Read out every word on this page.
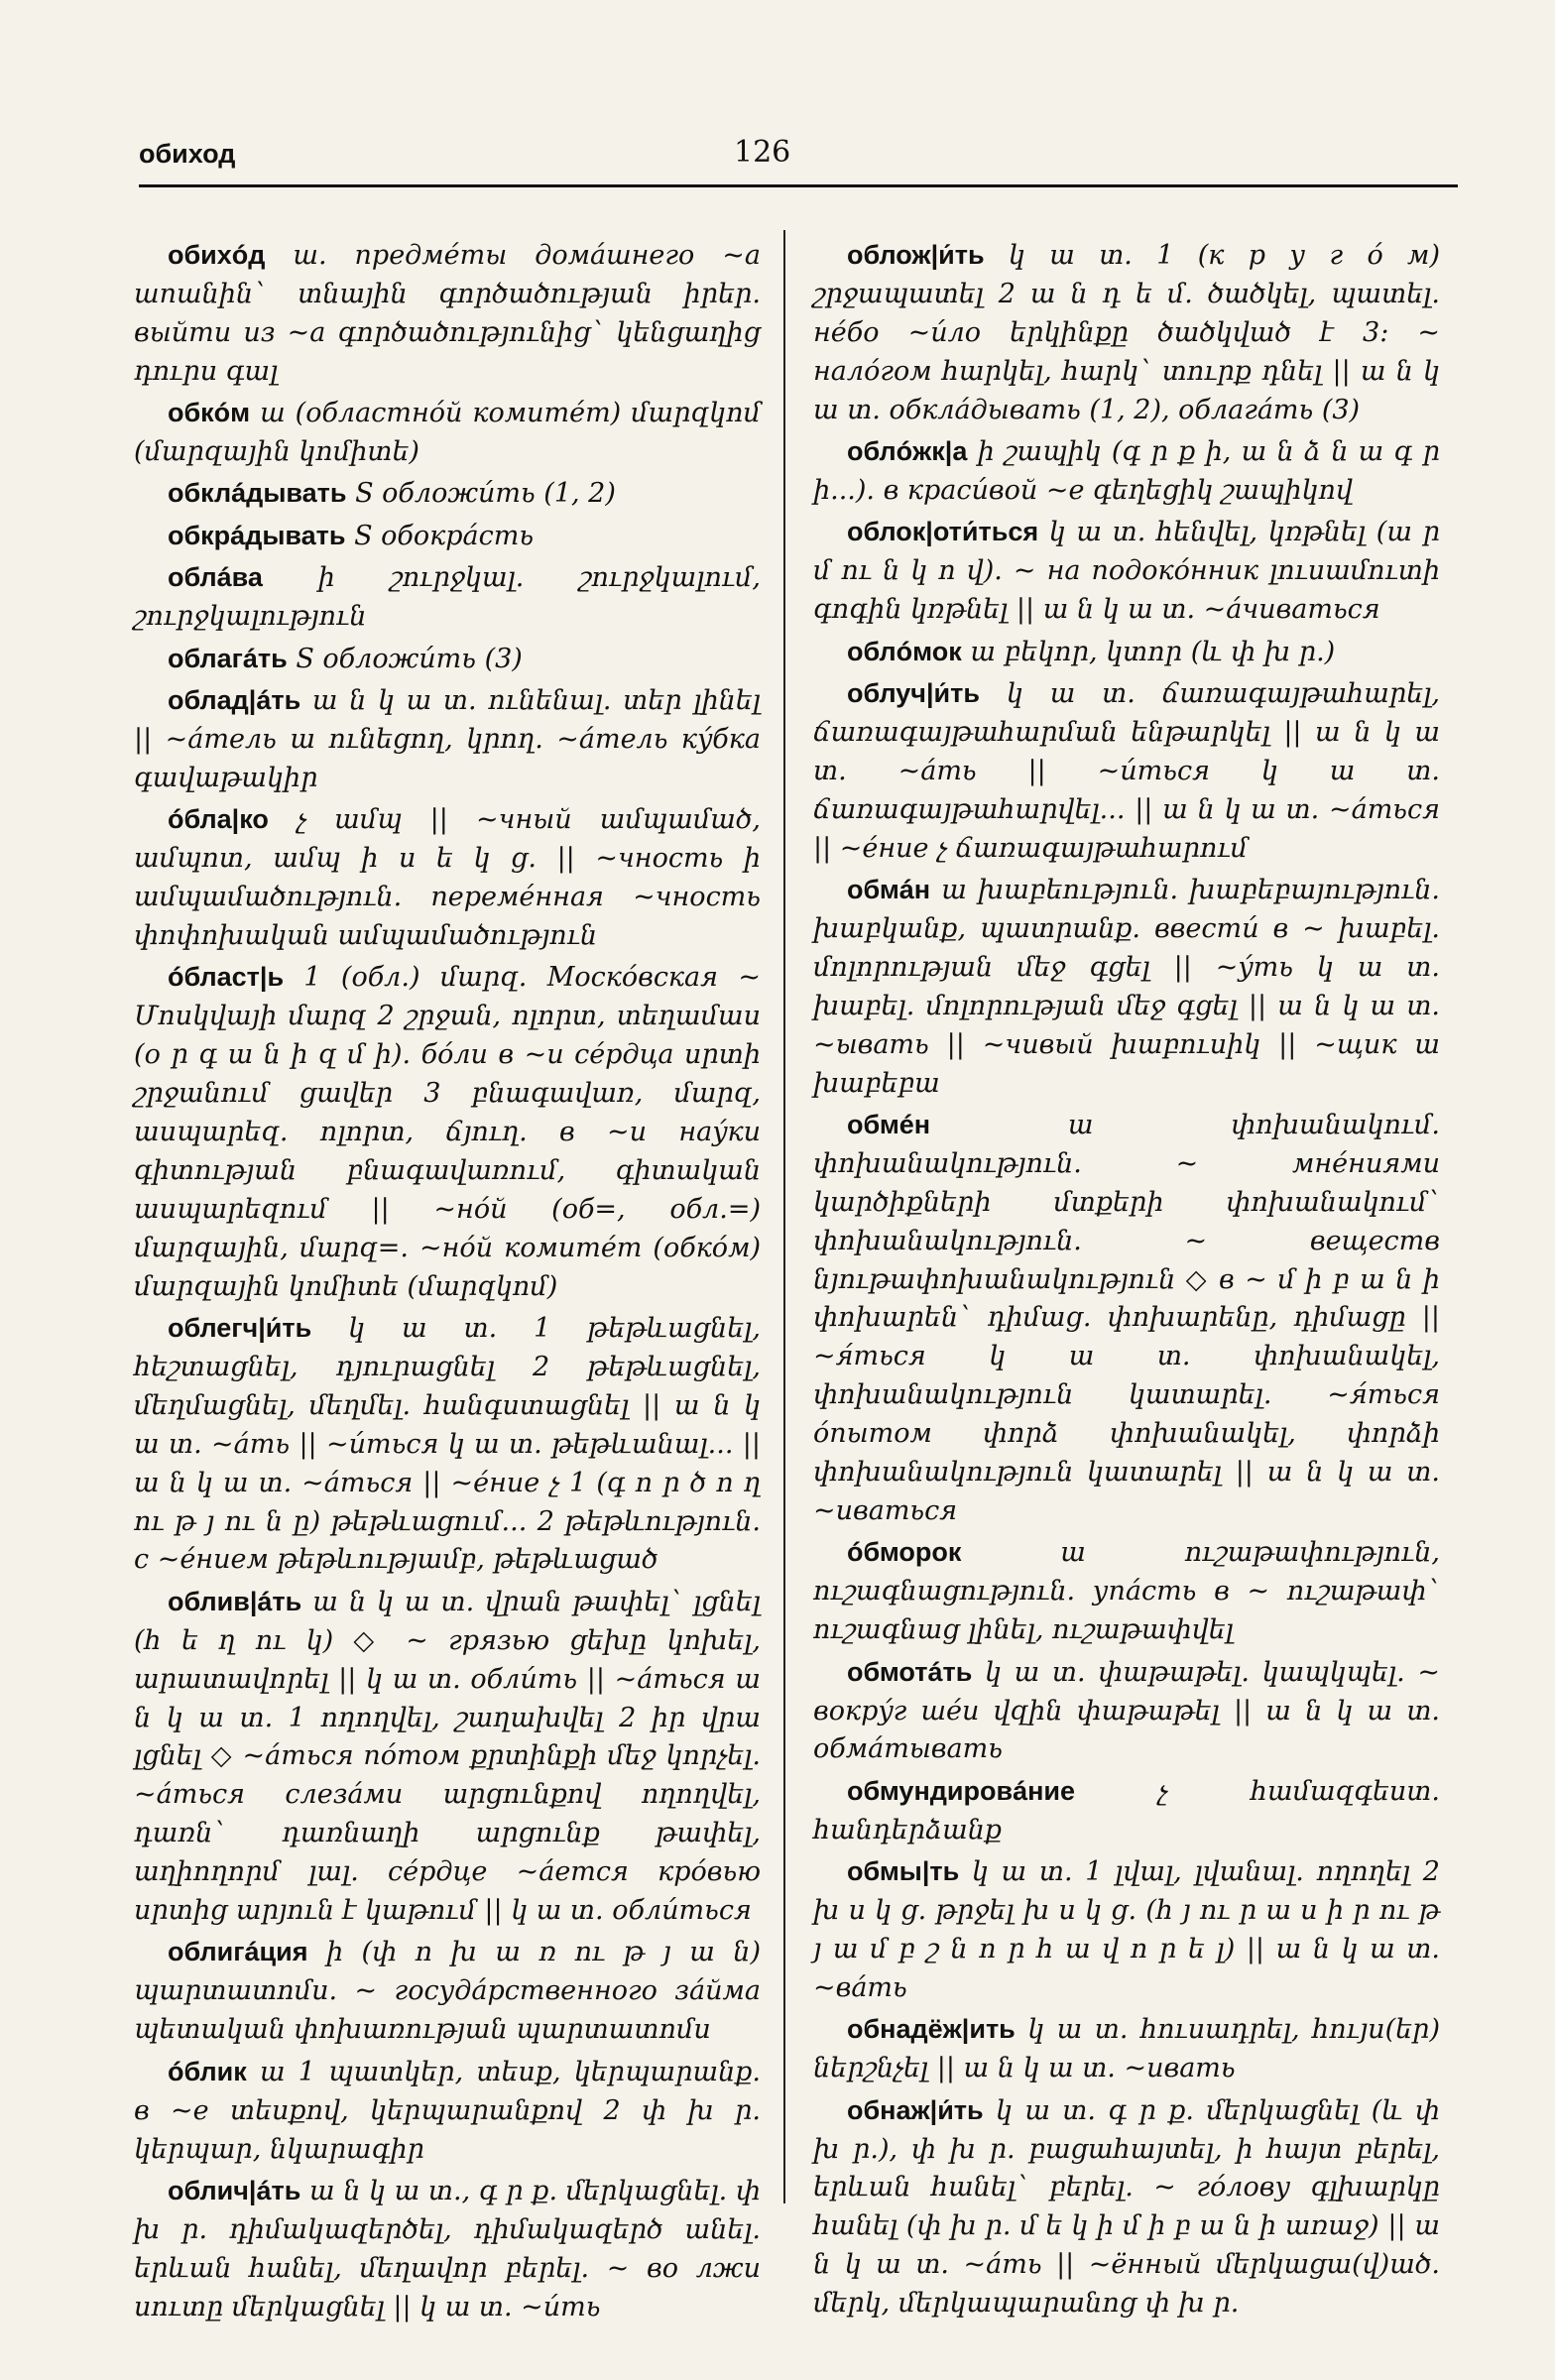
обиход	126

обихóд ш. предмéты домáшнего ~а шпшնին` տնային գործածության իրեր. выйти из ~а գործածությունից` կենցաղից դուրս գալ

обкóм ш (областнóй комитéт) մարզկոմ (մարզային կոմիտե)

обклáдывать S обложи́ть (1, 2)

обкрáдывать S обокрáсть

облáва ի շուրջկալ. շուրջկալում, շուրջկալություն

облагáть S обложи́ть (3)

облад|áть ա ն կ ա տ. ունենալ. տեր լինել || ~áтель ա ունեցող, կրող. ~áтель кýбка գավաթակիր

óбла|ко չ ամպ || ~чный ամպամած, ամպոտ, ամպ ի ս ե կ ց. || ~чность ի ամպամածություն. переме́нная ~чность փոփոխական ամպամածություն

óбласт|ь 1 (обл.) մարզ. Москóвская ~ Մոսկվայի մարզ 2 շրջան, ոլորտ, տեղամաս (օ ր գ ա ն ի զ մ ի). бóли в ~и сéрдца սրտի շրջանում ցավեր 3 բնագավառ, մարզ, ասպարեզ. ոլորտ, ճյուղ. в ~и наýки գիտության բնագավառում, գիտական ասպարեզում || ~нóй (об=, обл.=) մարզային, մարզ=. ~нóй комитéт (обкóм) մարզային կոմիտե (մարզկոմ)

облегч|и́ть կ ա տ. 1 թեթևացնել, հեշտացնել, դյուրացնել 2 թեթևացնել, մեղմացնել, մեղմել. հանգստացնել || ա ն կ ա տ. ~áть || ~и́ться կ ա տ. թեթևանալ... || ա ն կ ա տ. ~áться || ~éние չ 1 (գ ո ր ծ ո ղ ու թ յ ու ն ը) թեթևացում... 2 թեթևություն. с ~éнием թեթևությամբ, թեթևացած

облив|áть ա ն կ ա տ. վրան թափել` լցնել (հ ե ղ ու կ) ◇ ~ грязью ցեխը կոխել, արատավորել || կ ա տ. обли́ть || ~áться ա ն կ ա տ. 1 ողողվել, շաղախվել 2 իր վրա լցնել ◇ ~áться пóтом քրտինքի մեջ կորչել. ~áться слезáми արցունքով ողողվել, դառն` դառնաղի արցունք թափել, աղիողորմ լալ. сéрдце ~áется крóвью սրտից արյուն է կաթում || կ ա տ. обли́ться

облигáция ի (փ ո խ ա ռ ու թ յ ա ն) պարտատոմս. ~ госудáрственного зáйма պետական փոխառության պարտատոմս

óблик ա 1 պատկեր, տեսք, կերպարանք. в ~е տեսքով, կերպարանքով 2 փ խ ր. կերպար, նկարագիր

облич|áть ա ն կ ա տ., գ ր ք. մերկացնել. փ խ ր. դիմակազերծել, դիմակազերծ անել. երևան հանել, մեղավոր բերել. ~ во лжи սուտը մերկացնել || կ ա տ. ~и́ть

облож|и́ть կ ա տ. 1 (к р у г ó м) շրջապատել 2 ա ն դ ե մ. ծածկել, պատել. нéбо ~и́ло երկինքը ծածկված է 3: ~ налóгом հարկել, հարկ` տուրք դնել || ա ն կ ա տ. обклáдывать (1, 2), облагáть (3)

облóжк|а ի շապիկ (գ ր ք ի, ա ն ձ ն ա գ ր ի...). в краси́вой ~е գեղեցիկ շապիկով

облок|оти́ться կ ա տ. հենվել, կռթնել (ա ր մ ու ն կ ո վ). ~ на подокóнник լուսամուտի գոգին կռթնել || ա ն կ ա տ. ~áчиваться

облóмок ա բեկոր, կտոր (և փ խ ր.)

облуч|и́ть կ ա տ. ճառագայթահարել, ճառագայթահարման ենթարկել || ա ն կ ա տ. ~áть || ~и́ться կ ա տ. ճառագայթահարվել... || ա ն կ ա տ. ~áться || ~éние չ ճառագայթահարում

обмáн ա խաբեություն. խաբեբայություն. խաբկանք, պատրանք. ввести́ в ~ խաբել. մոլորության մեջ գցել || ~ýть կ ա տ. խաբել. մոլորության մեջ գցել || ա ն կ ա տ. ~ывать || ~чивый խաբուսիկ || ~щик ա խաբեբա

обмéн	ա փոխանակում. փոխանակություն. ~ мнéниями կարծիքների մտքերի փոխանակում` փոխանակություն. ~ веществ նյութափոխանակություն ◇ в ~ մ ի բ ա ն ի փոխարեն` դիմաց. փոխարենը, դիմացը || ~я́ться կ ա տ. փոխանակել, փոխանակություն կատարել. ~я́ться óпытом փորձ փոխանակել, փորձի փոխանակություն կատարել || ա ն կ ա տ. ~иваться

óбморок	ա ուշաթափություն, ուշագնացություն. упáсть в ~ ուշաթափ` ուշագնաց լինել, ուշաթափվել

обмотáть կ ա տ. փաթաթել. կապկպել. ~ вокрýг шéи վզին փաթաթել || ա ն կ ա տ. обмáтывать

обмундировáние	չ համազգեստ. հանդերձանք

обмы|ть կ ա տ. 1 լվալ, լվանալ. ողողել 2 խ ս կ ց. թրջել խ ս կ ց. (հ յ ու ր ա ս ի ր ու թ յ ա մ բ շ ն ո ր հ ա վ ո ր ե լ) || ա ն կ ա տ. ~вáть

обнадёж|ить կ ա տ. հուսադրել, հույս(եր) ներշնչել || ա ն կ ա տ. ~ивать

обнаж|и́ть կ ա տ. գ ր ք. մերկացնել (և փ խ ր.), փ խ ր. բացահայտել, ի հայտ բերել, երևան հանել` բերել. ~ гóлову գլխարկը հանել (փ խ ր. մ ե կ ի մ ի բ ա ն ի առաջ) || ա ն կ ա տ. ~áть || ~ённый մերկացա(վ)ած. մերկ, մերկապարանոց փ խ ր.
